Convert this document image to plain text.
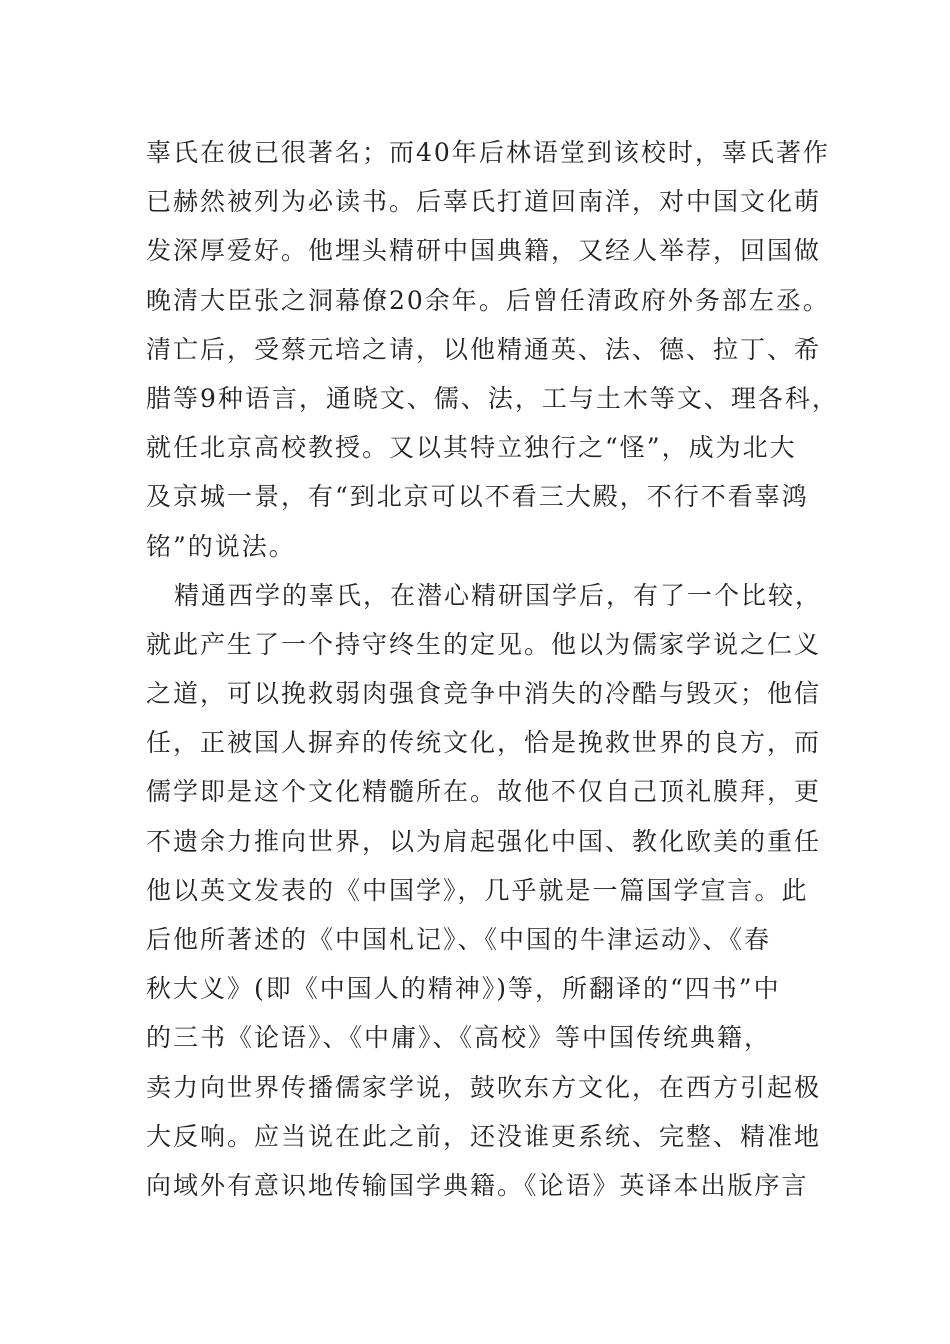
辜氏在彼已很著名；而40年后林语堂到该校时，辜氏著作
已赫然被列为必读书。后辜氏打道回南洋，对中国文化萌
发深厚爱好。他埋头精研中国典籍，又经人举荐，回国做
晚清大臣张之洞幕僚20余年。后曾任清政府外务部左丞。
清亡后，受蔡元培之请，以他精通英、法、德、拉丁、希
腊等9种语言，通晓文、儒、法，工与土木等文、理各科，
就任北京高校教授。又以其特立独行之“怪”，成为北大
及京城一景，有“到北京可以不看三大殿，不行不看辜鸿
铭”的说法。
精通西学的辜氏，在潜心精研国学后，有了一个比较，
就此产生了一个持守终生的定见。他以为儒家学说之仁义
之道，可以挽救弱肉强食竞争中消失的冷酷与毁灭；他信
任，正被国人摒弃的传统文化，恰是挽救世界的良方，而
儒学即是这个文化精髓所在。故他不仅自己顶礼膜拜，更
不遗余力推向世界，以为肩起强化中国、教化欧美的重任
他以英文发表的《中国学》，几乎就是一篇国学宣言。此
后他所著述的《中国札记》、《中国的牛津运动》、《春
秋大义》(即《中国人的精神》)等，所翻译的“四书”中
的三书《论语》、《中庸》、《高校》等中国传统典籍，
卖力向世界传播儒家学说，鼓吹东方文化，在西方引起极
大反响。应当说在此之前，还没谁更系统、完整、精准地
向域外有意识地传输国学典籍。《论语》英译本出版序言
